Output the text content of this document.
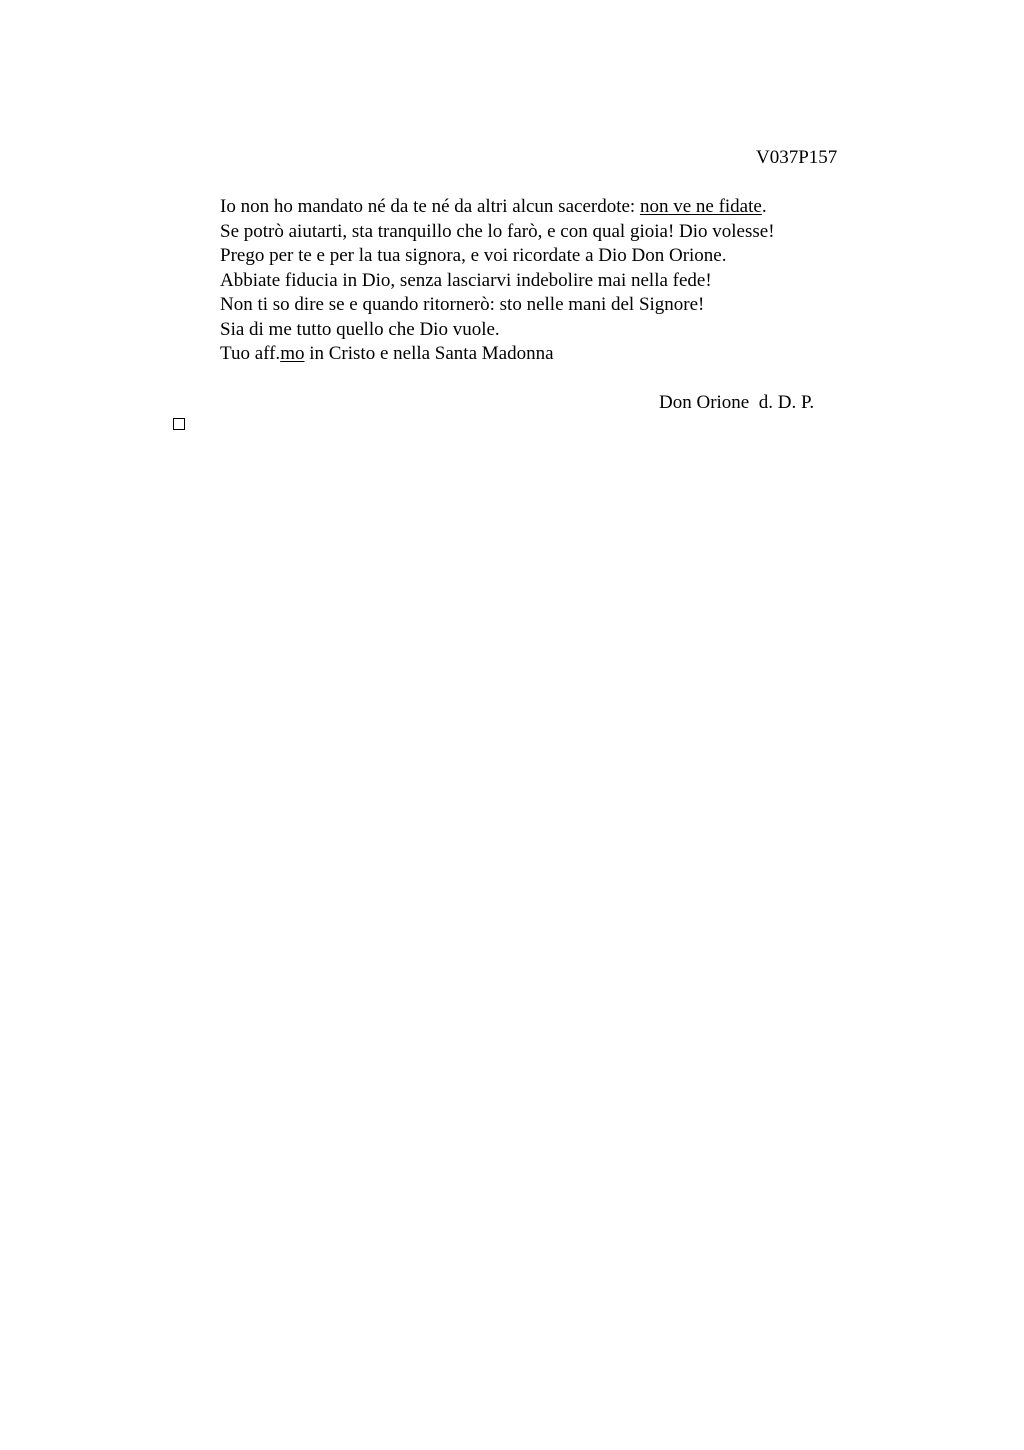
V037P157
Io non ho mandato né da te né da altri alcun sacerdote: non ve ne fidate.
Se potrò aiutarti, sta tranquillo che lo farò, e con qual gioia! Dio volesse!
Prego per te e per la tua signora, e voi ricordate a Dio Don Orione.
Abbiate fiducia in Dio, senza lasciarvi indebolire mai nella fede!
Non ti so dire se e quando ritornerò: sto nelle mani del Signore!
Sia di me tutto quello che Dio vuole.
Tuo aff.mo in Cristo e nella Santa Madonna
Don Orione  d. D. P.
